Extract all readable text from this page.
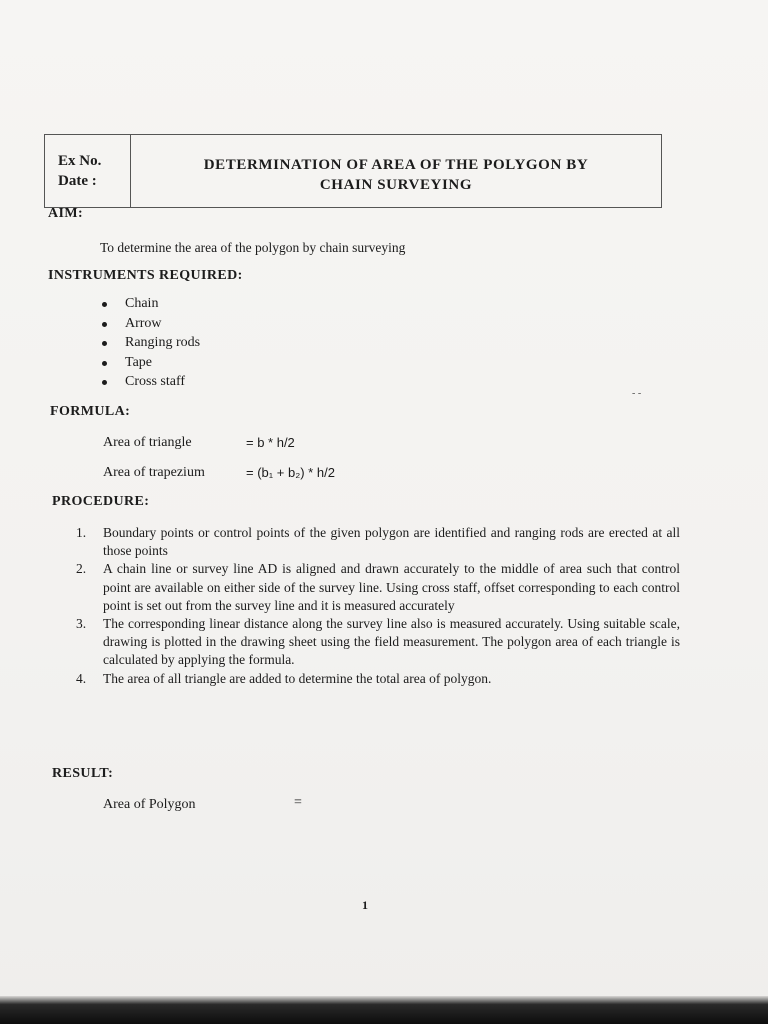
Ex No.
Date :
DETERMINATION OF AREA OF THE POLYGON BY
CHAIN SURVEYING
AIM:
To determine the area of the polygon by chain surveying
INSTRUMENTS REQUIRED:
Chain
Arrow
Ranging rods
Tape
Cross staff
- -
FORMULA:
Area of triangle	= b * h/2
Area of trapezium	= (b₁ + b₂) * h/2
PROCEDURE:
1. Boundary points or control points of the given polygon are identified and ranging rods are erected at all those points
2. A chain line or survey line AD is aligned and drawn accurately to the middle of area such that control point are available on either side of the survey line. Using cross staff, offset corresponding to each control point is set out from the survey line and it is measured accurately
3. The corresponding linear distance along the survey line also is measured accurately. Using suitable scale, drawing is plotted in the drawing sheet using the field measurement. The polygon area of each triangle is calculated by applying the formula.
4. The area of all triangle are added to determine the total area of polygon.
RESULT:
Area of Polygon	=
1
